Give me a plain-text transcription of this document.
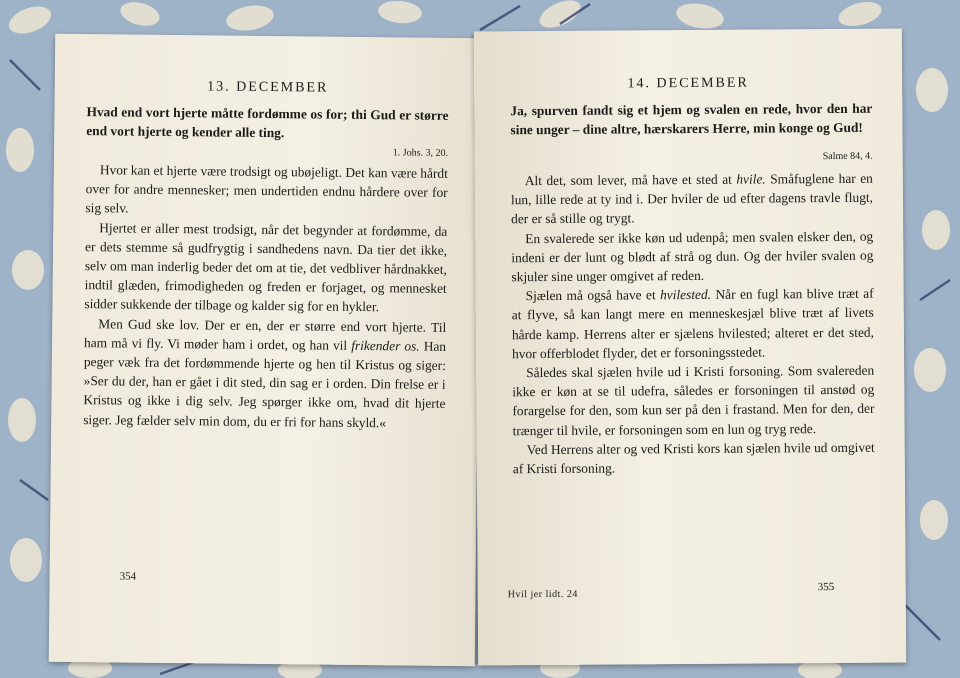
13. DECEMBER
Hvad end vort hjerte måtte fordømme os for; thi Gud er større end vort hjerte og kender alle ting.
1. Johs. 3, 20.

Hvor kan et hjerte være trodsigt og ubøjeligt. Det kan være hårdt over for andre mennesker; men undertiden endnu hårdere over for sig selv.

Hjertet er aller mest trodsigt, når det begynder at fordømme, da er dets stemme så gudfrygtig i sandhedens navn. Da tier det ikke, selv om man inderlig beder det om at tie, det vedbliver hårdnakket, indtil glæden, frimodigheden og freden er forjaget, og mennesket sidder sukkende der tilbage og kalder sig for en hykler.

Men Gud ske lov. Der er en, der er større end vort hjerte. Til ham må vi fly. Vi møder ham i ordet, og han vil frikender os. Han peger væk fra det fordømmende hjerte og hen til Kristus og siger: »Ser du der, han er gået i dit sted, din sag er i orden. Din frelse er i Kristus og ikke i dig selv. Jeg spørger ikke om, hvad dit hjerte siger. Jeg fælder selv min dom, du er fri for hans skyld.«

354
14. DECEMBER
Ja, spurven fandt sig et hjem og svalen en rede, hvor den har sine unger – dine altre, hærskarers Herre, min konge og Gud!
Salme 84, 4.

Alt det, som lever, må have et sted at hvile. Småfuglene har en lun, lille rede at ty ind i. Der hviler de ud efter dagens travle flugt, der er så stille og trygt.

En svalerede ser ikke køn ud udenpå; men svalen elsker den, og indeni er der lunt og blødt af strå og dun. Og der hviler svalen og skjuler sine unger omgivet af reden.

Sjælen må også have et hvilested. Når en fugl kan blive træt af at flyve, så kan langt mere en menneskesjæl blive træt af livets hårde kamp. Herrens alter er sjælens hvilested; alteret er det sted, hvor offerblodet flyder, det er forsoningsstedet.

Således skal sjælen hvile ud i Kristi forsoning. Som svalereden ikke er køn at se til udefra, således er forsoningen til anstød og forargelse for den, som kun ser på den i frastand. Men for den, der trænger til hvile, er forsoningen som en lun og tryg rede.

Ved Herrens alter og ved Kristi kors kan sjælen hvile ud omgivet af Kristi forsoning.

Hvil jer lidt. 24
355
